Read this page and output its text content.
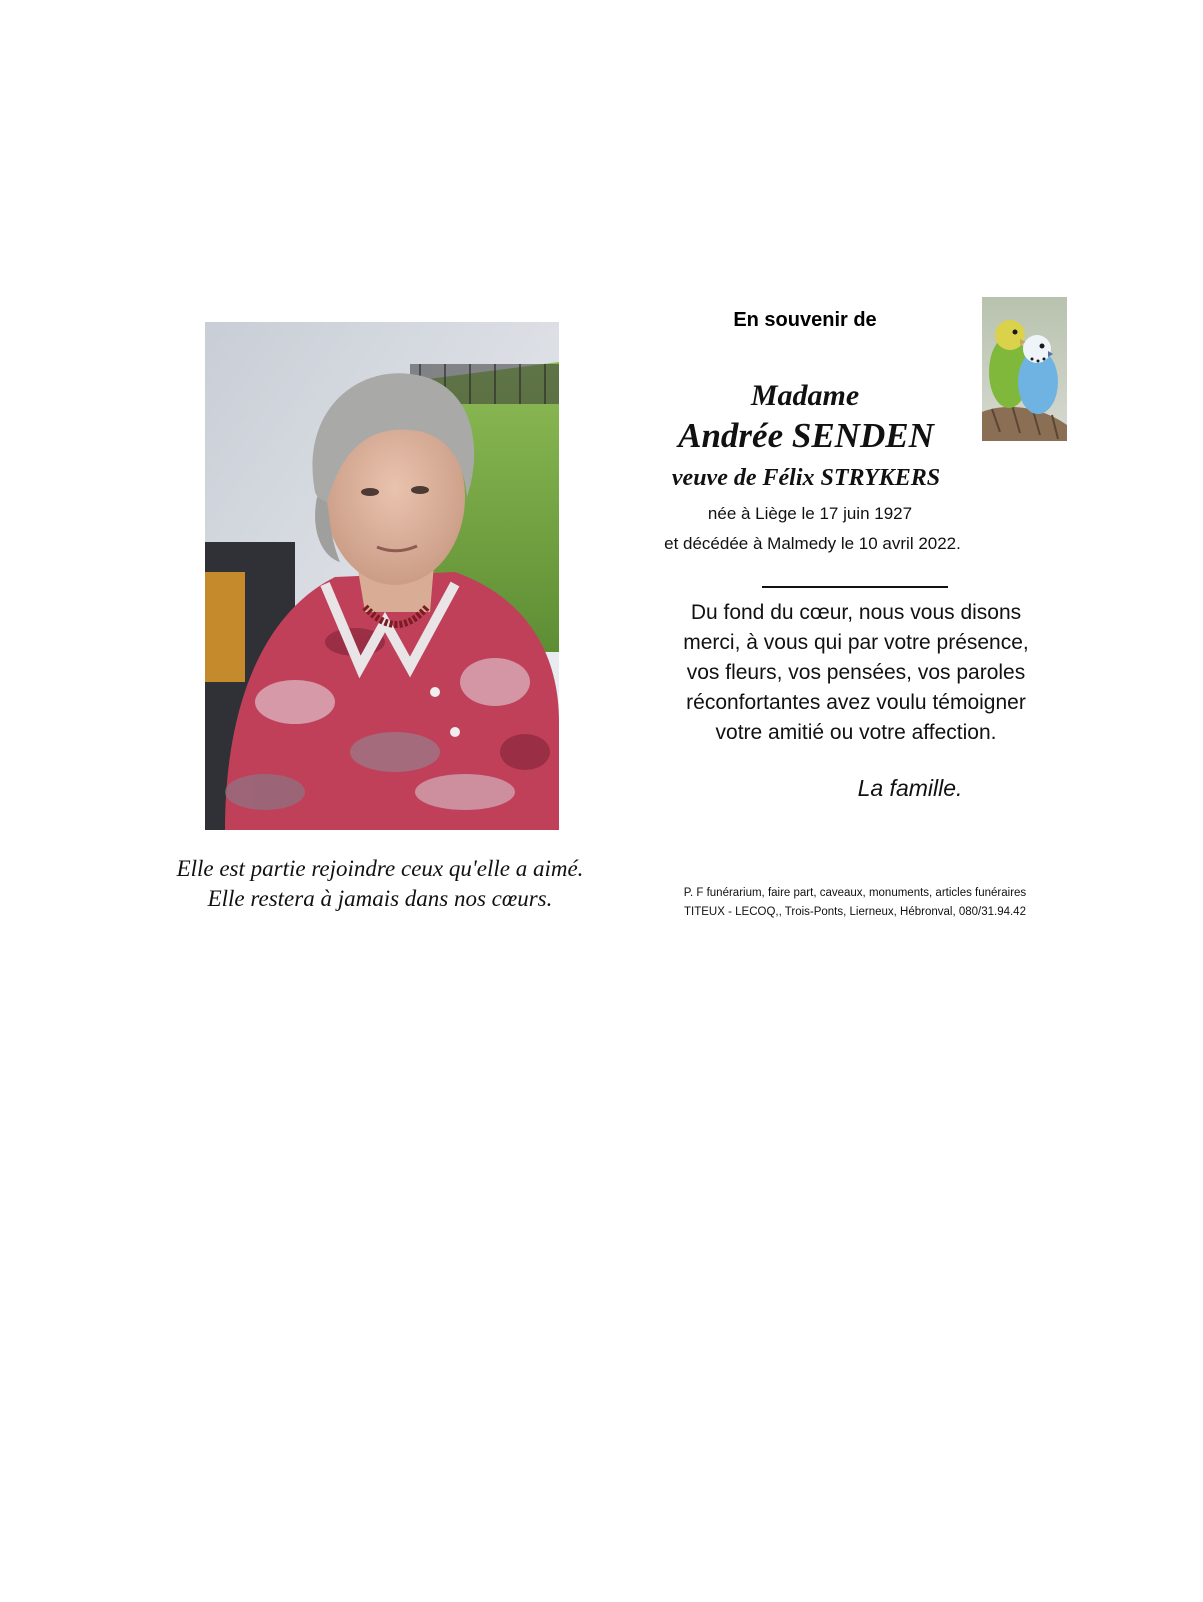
En souvenir de
Madame
Andrée SENDEN
veuve de Félix STRYKERS
née à Liège le 17 juin 1927
et décédée à Malmedy le 10 avril 2022.
Du fond du cœur, nous vous disons
merci, à vous qui par votre présence,
vos fleurs, vos pensées, vos paroles
réconfortantes avez voulu témoigner
votre amitié ou votre affection.
La famille.
Elle est partie rejoindre ceux qu'elle a aimé.
Elle restera à jamais dans nos cœurs.	P. F funérarium, faire part, caveaux, monuments, articles funéraires
TITEUX - LECOQ,, Trois-Ponts, Lierneux, Hébronval, 080/31.94.42
